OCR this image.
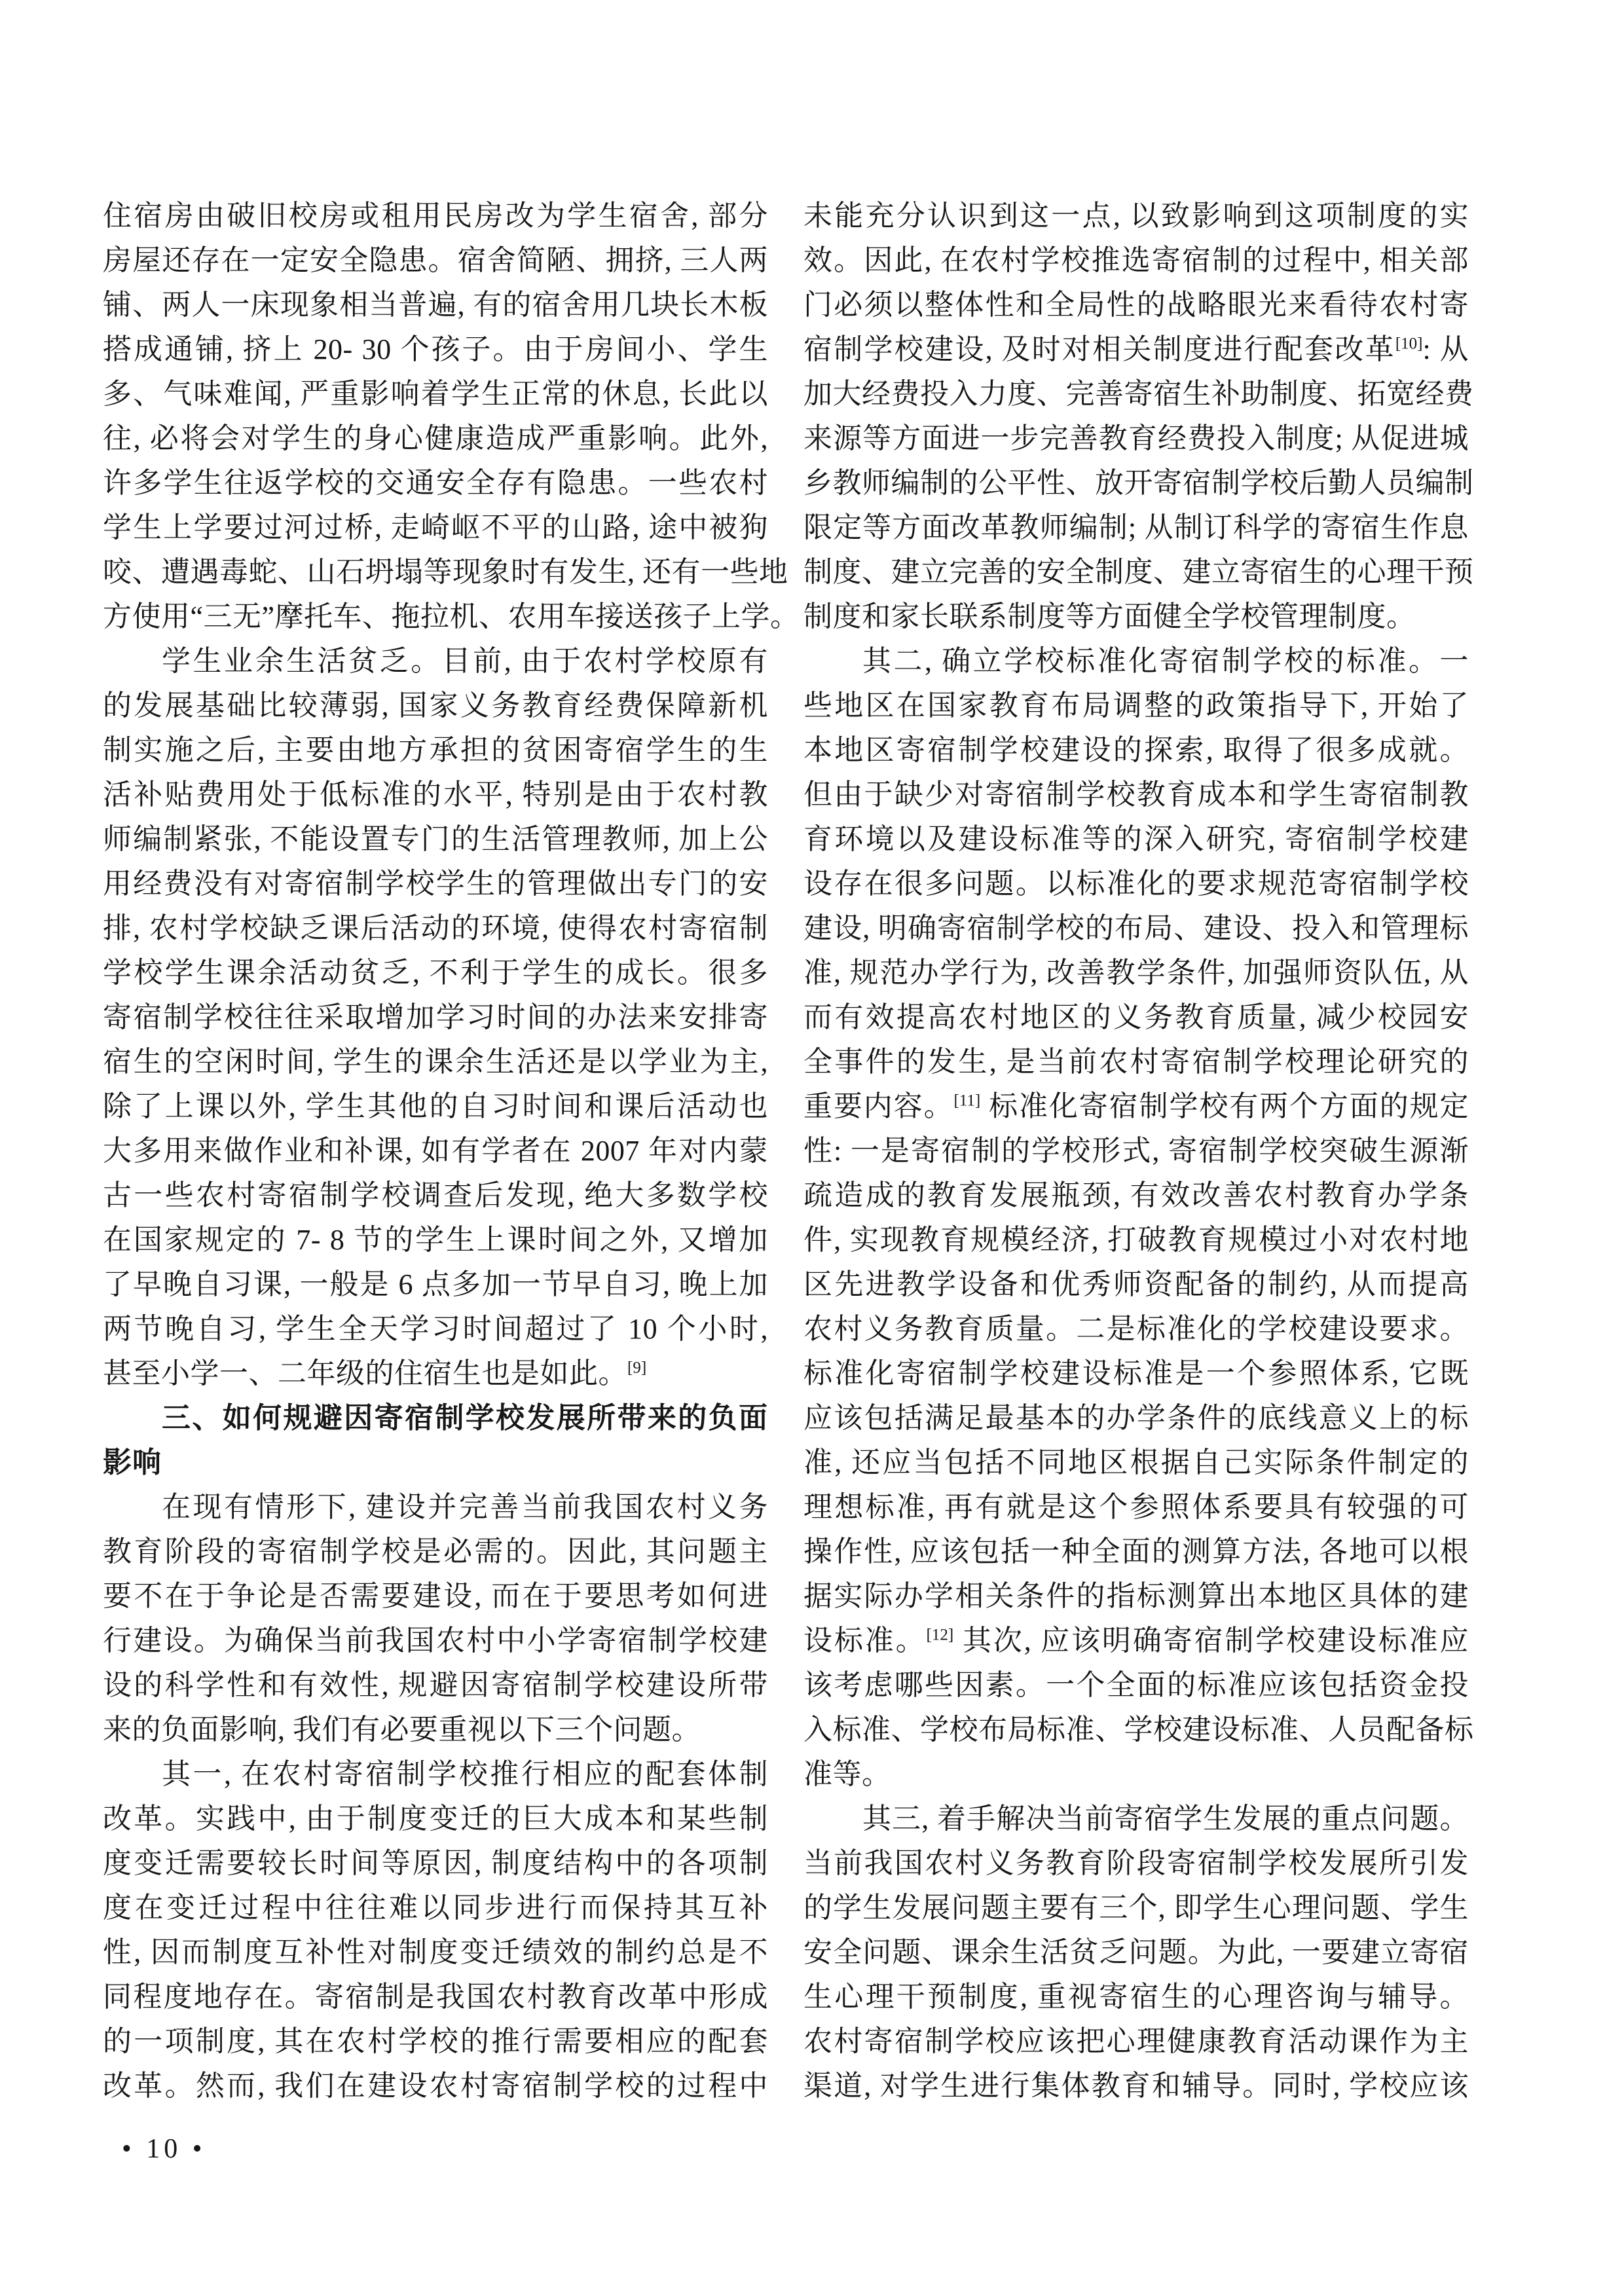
住宿房由破旧校房或租用民房改为学生宿舍, 部分
房屋还存在一定安全隐患。宿舍简陋、拥挤, 三人两
铺、两人一床现象相当普遍, 有的宿舍用几块长木板
搭成通铺, 挤上 20- 30 个孩子。由于房间小、学生
多、气味难闻, 严重影响着学生正常的休息, 长此以
往, 必将会对学生的身心健康造成严重影响。此外,
许多学生往返学校的交通安全存有隐患。一些农村
学生上学要过河过桥, 走崎岖不平的山路, 途中被狗
咬、遭遇毒蛇、山石坍塌等现象时有发生, 还有一些地
方使用“三无”摩托车、拖拉机、农用车接送孩子上学。
学生业余生活贫乏。目前, 由于农村学校原有
的发展基础比较薄弱, 国家义务教育经费保障新机
制实施之后, 主要由地方承担的贫困寄宿学生的生
活补贴费用处于低标准的水平, 特别是由于农村教
师编制紧张, 不能设置专门的生活管理教师, 加上公
用经费没有对寄宿制学校学生的管理做出专门的安
排, 农村学校缺乏课后活动的环境, 使得农村寄宿制
学校学生课余活动贫乏, 不利于学生的成长。很多
寄宿制学校往往采取增加学习时间的办法来安排寄
宿生的空闲时间, 学生的课余生活还是以学业为主,
除了上课以外, 学生其他的自习时间和课后活动也
大多用来做作业和补课, 如有学者在 2007 年对内蒙
古一些农村寄宿制学校调查后发现, 绝大多数学校
在国家规定的 7- 8 节的学生上课时间之外, 又增加
了早晚自习课, 一般是 6 点多加一节早自习, 晚上加
两节晚自习, 学生全天学习时间超过了 10 个小时,
甚至小学一、二年级的住宿生也是如此。[9]
三、如何规避因寄宿制学校发展所带来的负面
影响
在现有情形下, 建设并完善当前我国农村义务
教育阶段的寄宿制学校是必需的。因此, 其问题主
要不在于争论是否需要建设, 而在于要思考如何进
行建设。为确保当前我国农村中小学寄宿制学校建
设的科学性和有效性, 规避因寄宿制学校建设所带
来的负面影响, 我们有必要重视以下三个问题。
其一, 在农村寄宿制学校推行相应的配套体制
改革。实践中, 由于制度变迁的巨大成本和某些制
度变迁需要较长时间等原因, 制度结构中的各项制
度在变迁过程中往往难以同步进行而保持其互补
性, 因而制度互补性对制度变迁绩效的制约总是不
同程度地存在。寄宿制是我国农村教育改革中形成
的一项制度, 其在农村学校的推行需要相应的配套
改革。然而, 我们在建设农村寄宿制学校的过程中
未能充分认识到这一点, 以致影响到这项制度的实
效。因此, 在农村学校推选寄宿制的过程中, 相关部
门必须以整体性和全局性的战略眼光来看待农村寄
宿制学校建设, 及时对相关制度进行配套改革[10]: 从
加大经费投入力度、完善寄宿生补助制度、拓宽经费
来源等方面进一步完善教育经费投入制度; 从促进城
乡教师编制的公平性、放开寄宿制学校后勤人员编制
限定等方面改革教师编制; 从制订科学的寄宿生作息
制度、建立完善的安全制度、建立寄宿生的心理干预
制度和家长联系制度等方面健全学校管理制度。
其二, 确立学校标准化寄宿制学校的标准。一
些地区在国家教育布局调整的政策指导下, 开始了
本地区寄宿制学校建设的探索, 取得了很多成就。
但由于缺少对寄宿制学校教育成本和学生寄宿制教
育环境以及建设标准等的深入研究, 寄宿制学校建
设存在很多问题。以标准化的要求规范寄宿制学校
建设, 明确寄宿制学校的布局、建设、投入和管理标
准, 规范办学行为, 改善教学条件, 加强师资队伍, 从
而有效提高农村地区的义务教育质量, 减少校园安
全事件的发生, 是当前农村寄宿制学校理论研究的
重要内容。[11] 标准化寄宿制学校有两个方面的规定
性: 一是寄宿制的学校形式, 寄宿制学校突破生源渐
疏造成的教育发展瓶颈, 有效改善农村教育办学条
件, 实现教育规模经济, 打破教育规模过小对农村地
区先进教学设备和优秀师资配备的制约, 从而提高
农村义务教育质量。二是标准化的学校建设要求。
标准化寄宿制学校建设标准是一个参照体系, 它既
应该包括满足最基本的办学条件的底线意义上的标
准, 还应当包括不同地区根据自己实际条件制定的
理想标准, 再有就是这个参照体系要具有较强的可
操作性, 应该包括一种全面的测算方法, 各地可以根
据实际办学相关条件的指标测算出本地区具体的建
设标准。[12] 其次, 应该明确寄宿制学校建设标准应
该考虑哪些因素。一个全面的标准应该包括资金投
入标准、学校布局标准、学校建设标准、人员配备标
准等。
其三, 着手解决当前寄宿学生发展的重点问题。
当前我国农村义务教育阶段寄宿制学校发展所引发
的学生发展问题主要有三个, 即学生心理问题、学生
安全问题、课余生活贫乏问题。为此, 一要建立寄宿
生心理干预制度, 重视寄宿生的心理咨询与辅导。
农村寄宿制学校应该把心理健康教育活动课作为主
渠道, 对学生进行集体教育和辅导。同时, 学校应该
• 10 •
